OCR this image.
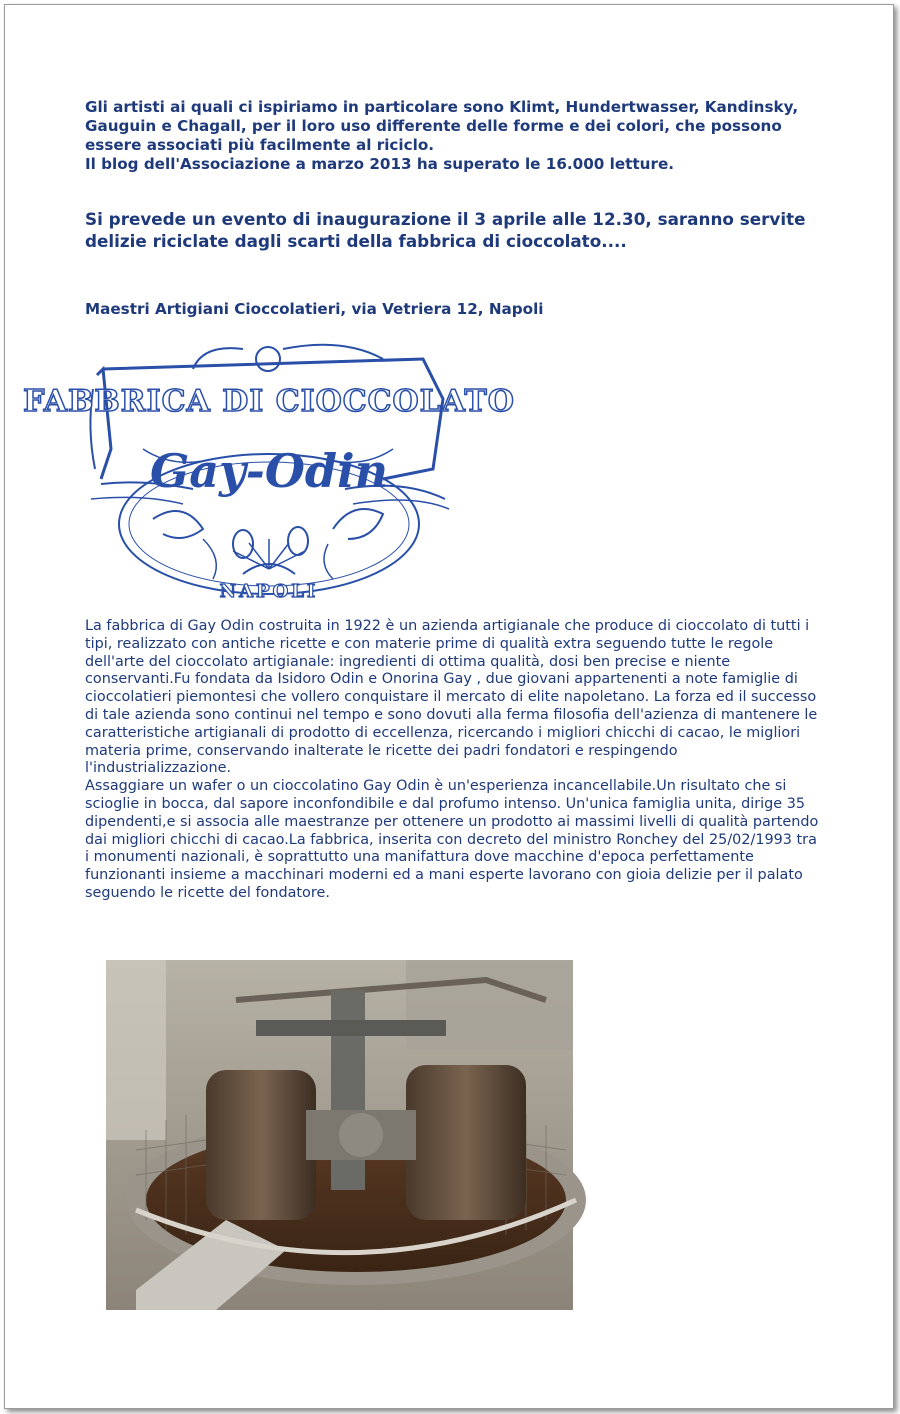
Gli artisti ai quali ci ispiriamo in particolare sono Klimt, Hundertwasser, Kandinsky, Gauguin e Chagall, per il loro uso differente delle forme e dei colori, che possono essere associati più facilmente al riciclo.
Il blog dell'Associazione a marzo 2013 ha superato le 16.000 letture.
Si prevede un evento di inaugurazione il 3 aprile alle 12.30, saranno servite delizie riciclate dagli scarti della fabbrica di cioccolato....
Maestri Artigiani Cioccolatieri, via Vetriera 12, Napoli
FABBRICA DI CIOCCOLATO
Gay-Odin
NAPOLI
La fabbrica di Gay Odin costruita in 1922 è un azienda artigianale che produce di cioccolato di tutti i tipi, realizzato con antiche ricette e con materie prime di qualità extra seguendo tutte le regole dell'arte del cioccolato artigianale: ingredienti di ottima qualità, dosi ben precise e niente conservanti.Fu fondata da Isidoro Odin e Onorina Gay , due giovani appartenenti a note famiglie di cioccolatieri piemontesi che vollero conquistare il mercato di elite napoletano. La forza ed il successo di tale azienda sono continui nel tempo e sono dovuti alla ferma filosofia dell'azienza di mantenere le caratteristiche artigianali di prodotto di eccellenza, ricercando i migliori chicchi di cacao, le migliori materia prime, conservando inalterate le ricette dei padri fondatori e respingendo l'industrializzazione.
Assaggiare un wafer o un cioccolatino Gay Odin è un'esperienza incancellabile.Un risultato che si scioglie in bocca, dal sapore inconfondibile e dal profumo intenso. Un'unica famiglia unita, dirige 35 dipendenti,e si associa alle maestranze per ottenere un prodotto ai massimi livelli di qualità partendo dai migliori chicchi di cacao.La fabbrica, inserita con decreto del ministro Ronchey del 25/02/1993 tra i monumenti nazionali, è soprattutto una manifattura dove macchine d'epoca perfettamente funzionanti insieme a macchinari moderni ed a mani esperte lavorano con gioia delizie per il palato seguendo le ricette del fondatore.
